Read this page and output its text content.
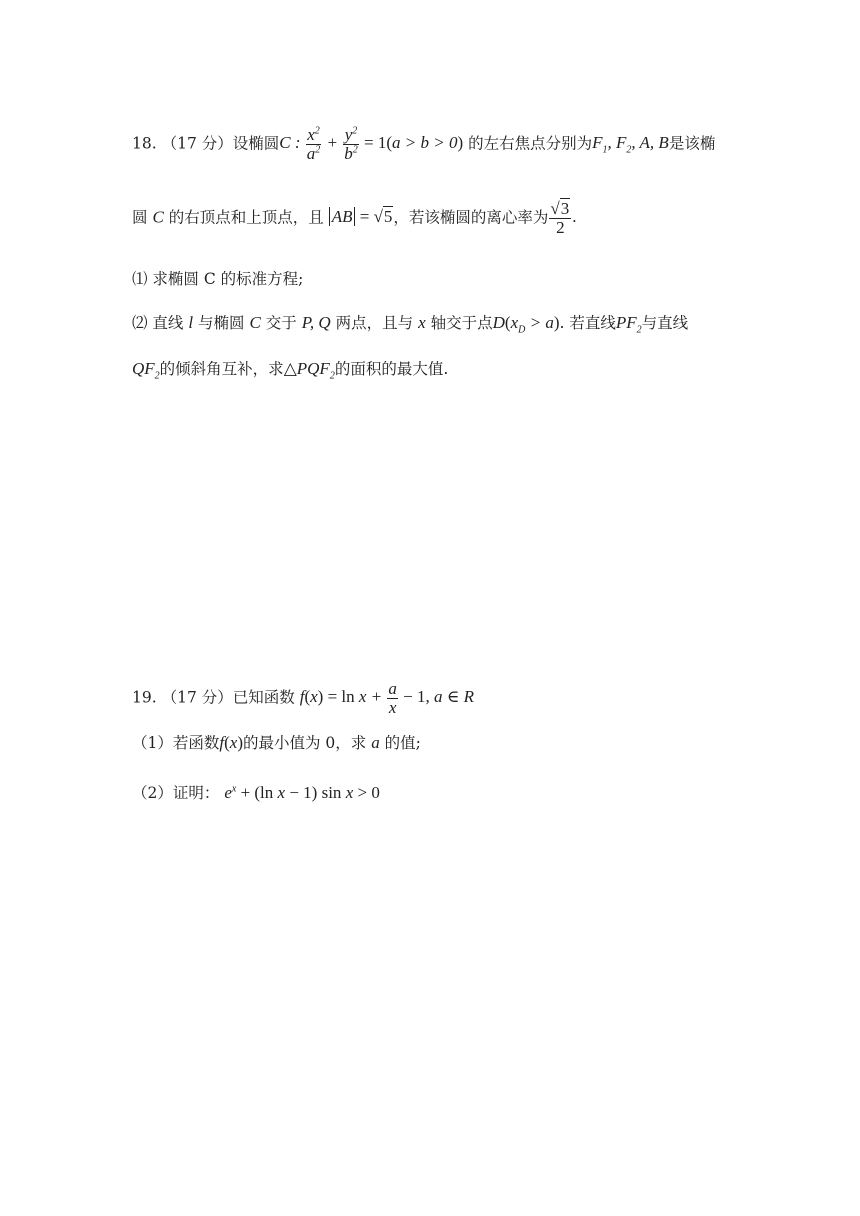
18. （17 分）设椭圆C : $\frac{x^2}{a^2} + \frac{y^2}{b^2} = 1(a > b > 0)$ 的左右焦点分别为$F_1$, $F_2$, A, B是该椭
圆 C 的右顶点和上顶点，且 AB = √5，若该椭圆的离心率为 $\frac{√3}{2}$ .
⑴ 求椭圆 C 的标准方程;
⑵ 直线 l 与椭圆 C 交于 P, Q 两点，且与 x 轴交于点$D(x_D > a)$. 若直线$PF_2$与直线
$QF_2$的倾斜角互补，求$\triangle PQF_2$的面积的最大值.
19. （17 分）已知函数 $f(x) = \ln x + \frac{a}{x} - 1$, a ∈ R
（1）若函数f(x)的最小值为 0，求 a 的值;
（2）证明： $e^x + (\ln$ x − 1) sin x > 0
